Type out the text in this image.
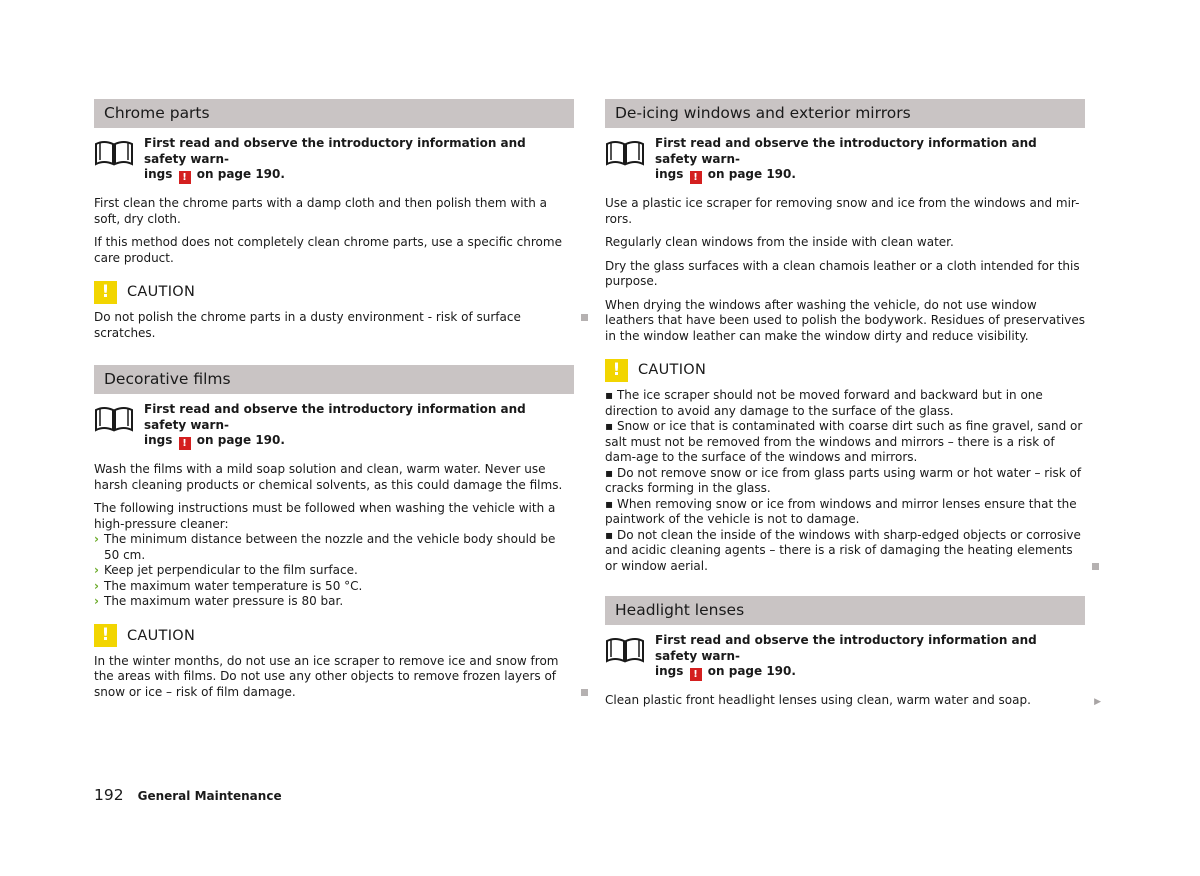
Chrome parts
First read and observe the introductory information and safety warn-
ings ! on page 190.

First clean the chrome parts with a damp cloth and then polish them with a soft, dry cloth.

If this method does not completely clean chrome parts, use a specific chrome care product.

!	CAUTION

Do not polish the chrome parts in a dusty environment - risk of surface scratches.

Decorative films
First read and observe the introductory information and safety warn-
ings ! on page 190.

Wash the films with a mild soap solution and clean, warm water. Never use harsh cleaning products or chemical solvents, as this could damage the films.

The following instructions must be followed when washing the vehicle with a high-pressure cleaner:

› The minimum distance between the nozzle and the vehicle body should be 50 cm.

› Keep jet perpendicular to the film surface.

› The maximum water temperature is 50 °C.

› The maximum water pressure is 80 bar.

!	CAUTION

In the winter months, do not use an ice scraper to remove ice and snow from the areas with films. Do not use any other objects to remove frozen layers of snow or ice – risk of film damage.

De-icing windows and exterior mirrors
First read and observe the introductory information and safety warn-
ings ! on page 190.

Use a plastic ice scraper for removing snow and ice from the windows and mir-rors.

Regularly clean windows from the inside with clean water.

Dry the glass surfaces with a clean chamois leather or a cloth intended for this purpose.

When drying the windows after washing the vehicle, do not use window leathers that have been used to polish the bodywork. Residues of preservatives in the window leather can make the window dirty and reduce visibility.

!	CAUTION

▪ The ice scraper should not be moved forward and backward but in one direction to avoid any damage to the surface of the glass.

▪ Snow or ice that is contaminated with coarse dirt such as fine gravel, sand or salt must not be removed from the windows and mirrors – there is a risk of dam-age to the surface of the windows and mirrors.

▪ Do not remove snow or ice from glass parts using warm or hot water – risk of cracks forming in the glass.

▪ When removing snow or ice from windows and mirror lenses ensure that the paintwork of the vehicle is not to damage.

▪ Do not clean the inside of the windows with sharp-edged objects or corrosive and acidic cleaning agents – there is a risk of damaging the heating elements or window aerial.

Headlight lenses
First read and observe the introductory information and safety warn-
ings ! on page 190.

Clean plastic front headlight lenses using clean, warm water and soap.	▶

192 General Maintenance
